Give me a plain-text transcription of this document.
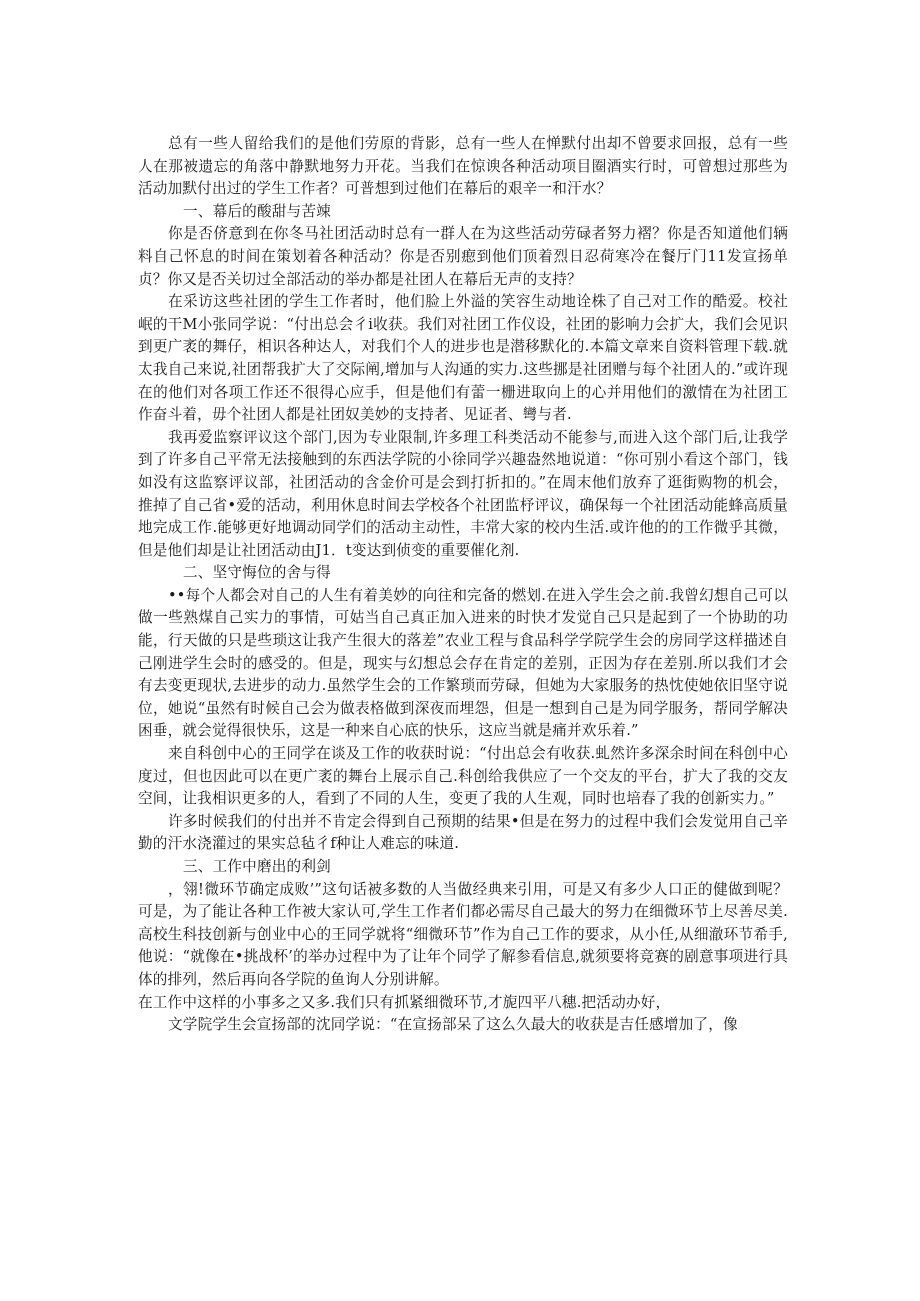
总有一些人留给我们的是他们劳原的背影，总有一些人在惮默付出却不曾要求回报，总有一些人在那被遗忘的角落中静默地努力开花。当我们在惊谀各种活动项目圈酒实行时，可曾想过那些为活动加默付出过的学生工作者？可普想到过他们在幕后的艰辛一和汗水？

一、幕后的酸甜与苦竦

你是否侪意到在你冬马社团活动时总有一群人在为这些活动劳碌者努力褶？你是否知道他们辆料自己怀息的时间在策划着各种活动？你是否别瘛到他们顶着烈日忍荷寒冷在餐厅门11发宣扬单贞？你又是否关切过全部活动的举办都是社团人在幕后无声的支持？

在采访这些社团的学生工作者时，他们脸上外溢的笑容生动地诠株了自己对工作的酷爱。校社岷的干M小张同学说：“付出总会彳i收获。我们对社团工作仪设，社团的影响力会扩大，我们会见识到更广袤的舞仔，相识各种达人，对我们个人的进步也是潜移默化的.本篇文章来自资料管理下载.就太我自己来说,社团帮我扩大了交际阐,增加与人沟通的实力.这些挪是社团赠与每个社团人的.”或许现在的他们对各项工作还不很得心应手，但是他们有蕾一栅进取向上的心并用他们的激情在为社团工作奋斗着，毋个社团人都是社团奴美妙的支持者、见证者、彎与者.

我再爱监察评议这个部门,因为专业限制,许多理工科类活动不能参与,而进入这个部门后,让我学到了许多自己平常无法接触到的东西法学院的小徐同学兴趣盎然地说道：“你可别小看这个部门，钱如没有这监察评议部，社团活动的含金价可是会到打折扣的。”在周末他们放弃了逛街购物的机会，推掉了自己省•爱的活动，利用休息时间去学校各个社团监杼评议，确保每一个社团活动能蜂高质量地完成工作.能够更好地调动同学们的活动主动性，丰常大家的校内生活.或许他的的工作微乎其微，但是他们却是让社团活动由J1．t变达到侦变的重要催化剂.

二、坚守悔位的舍与得

••每个人都会对自己的人生有着美妙的向往和完备的燃划.在进入学生会之前.我曾幻想自己可以做一些熟煤自己实力的事情，可姑当自己真正加入进来的时快才发觉自己只是起到了一个协助的功能，行天做的只是些琐这让我产生很大的落差”农业工程与食品科学学院学生会的房同学这样描述自己刚进学生会时的感受的。但是，现实与幻想总会存在肯定的差别，正因为存在差别.所以我们才会有去变更现状,去进步的动力.虽然学生会的工作繁琐而劳碌，但她为大家服务的热忱使她依旧坚守说位，她说“虽然有时候自己会为做表格做到深夜而埋怨，但是一想到自己是为同学服务，帮同学解决困垂，就会觉得很快乐，这是一种来自心底的快乐，这应当就是痛并欢乐着.”

来自科创中心的王同学在谈及工作的收获时说：“付出总会有收获.虬然许多深余时间在科创中心度过，但也因此可以在更广袤的舞台上展示自己.科创给我供应了一个交友的平台，扩大了我的交友空间，让我相识更多的人，看到了不同的人生，变更了我的人生观，同时也培春了我的创新实力。”

许多时候我们的付出并不肯定会得到自己预期的结果•但是在努力的过程中我们会发觉用自己辛勤的汗水浇灌过的果实总毡彳f种让人难忘的味道.

三、工作中磨出的利剑

，翎!微环节确定成败’”这句话被多数的人当做经典来引用，可是又有多少人口正的健做到呢？可是，为了能让各种工作被大家认可,学生工作者们都必需尽自己最大的努力在细微环节上尽善尽美.高校生科技创新与创业中心的王同学就将“细微环节”作为自己工作的要求，从小任,从细澈环节希手,他说：“就像在•挑战杯’的举办过程中为了让年个同学了解参看信息,就须要将竞赛的剧意事项进行具体的排列，然后再向各学院的鱼询人分别讲解。

在工作中这样的小事多之又多.我们只有抓紧细微环节,才旎四平八穗.把活动办好，

文学院学生会宣扬部的沈同学说：“在宣扬部呆了这么久最大的收获是吉任感增加了，像
